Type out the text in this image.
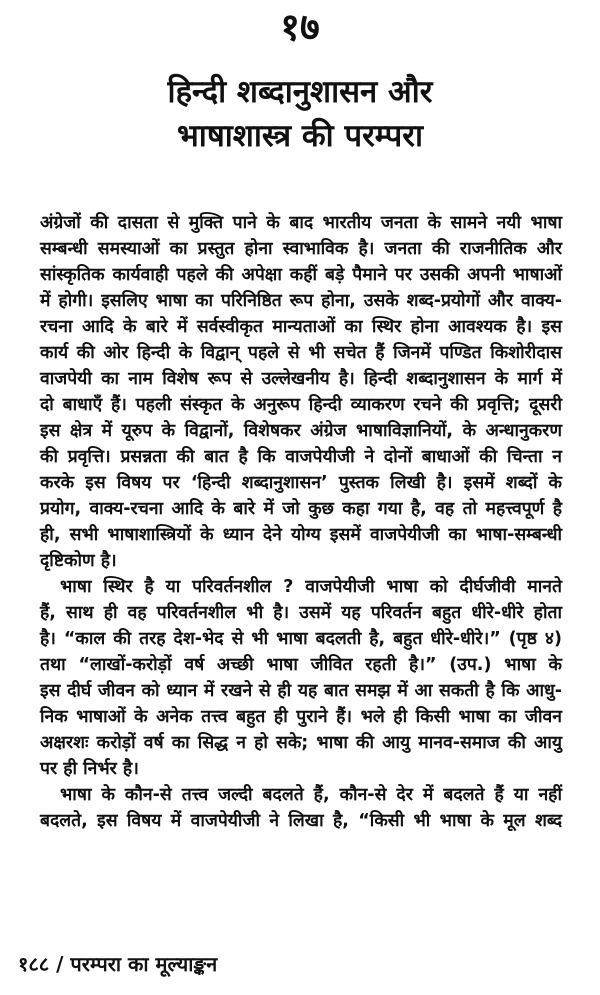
१७
हिन्दी शब्दानुशासन और
भाषाशास्त्र की परम्परा
अंग्रेजों की दासता से मुक्ति पाने के बाद भारतीय जनता के सामने नयी भाषा
सम्बन्धी समस्याओं का प्रस्तुत होना स्वाभाविक है। जनता की राजनीतिक और
सांस्कृतिक कार्यवाही पहले की अपेक्षा कहीं बड़े पैमाने पर उसकी अपनी भाषाओं
में होगी। इसलिए भाषा का परिनिष्ठित रूप होना, उसके शब्द-प्रयोगों और वाक्य-
रचना आदि के बारे में सर्वस्वीकृत मान्यताओं का स्थिर होना आवश्यक है। इस
कार्य की ओर हिन्दी के विद्वान् पहले से भी सचेत हैं जिनमें पण्डित किशोरीदास
वाजपेयी का नाम विशेष रूप से उल्लेखनीय है। हिन्दी शब्दानुशासन के मार्ग में
दो बाधाएँ हैं। पहली संस्कृत के अनुरूप हिन्दी व्याकरण रचने की प्रवृत्ति; दूसरी
इस क्षेत्र में यूरुप के विद्वानों, विशेषकर अंग्रेज भाषाविज्ञानियों, के अन्धानुकरण
की प्रवृत्ति। प्रसन्नता की बात है कि वाजपेयीजी ने दोनों बाधाओं की चिन्ता न
करके इस विषय पर ‘हिन्दी शब्दानुशासन’ पुस्तक लिखी है। इसमें शब्दों के
प्रयोग, वाक्य-रचना आदि के बारे में जो कुछ कहा गया है, वह तो महत्त्वपूर्ण है
ही, सभी भाषाशास्त्रियों के ध्यान देने योग्य इसमें वाजपेयीजी का भाषा-सम्बन्धी
दृष्टिकोण है।
भाषा स्थिर है या परिवर्तनशील ? वाजपेयीजी भाषा को दीर्घजीवी मानते
हैं, साथ ही वह परिवर्तनशील भी है। उसमें यह परिवर्तन बहुत धीरे-धीरे होता
है। “काल की तरह देश-भेद से भी भाषा बदलती है, बहुत धीरे-धीरे।” (पृष्ठ ४)
तथा “लाखों-करोड़ों वर्ष अच्छी भाषा जीवित रहती है।” (उप.) भाषा के
इस दीर्घ जीवन को ध्यान में रखने से ही यह बात समझ में आ सकती है कि आधु-
निक भाषाओं के अनेक तत्त्व बहुत ही पुराने हैं। भले ही किसी भाषा का जीवन
अक्षरशः करोड़ों वर्ष का सिद्ध न हो सके; भाषा की आयु मानव-समाज की आयु
पर ही निर्भर है।
भाषा के कौन-से तत्त्व जल्दी बदलते हैं, कौन-से देर में बदलते हैं या नहीं
बदलते, इस विषय में वाजपेयीजी ने लिखा है, “किसी भी भाषा के मूल शब्द
१८८ / परम्परा का मूल्याङ्कन
